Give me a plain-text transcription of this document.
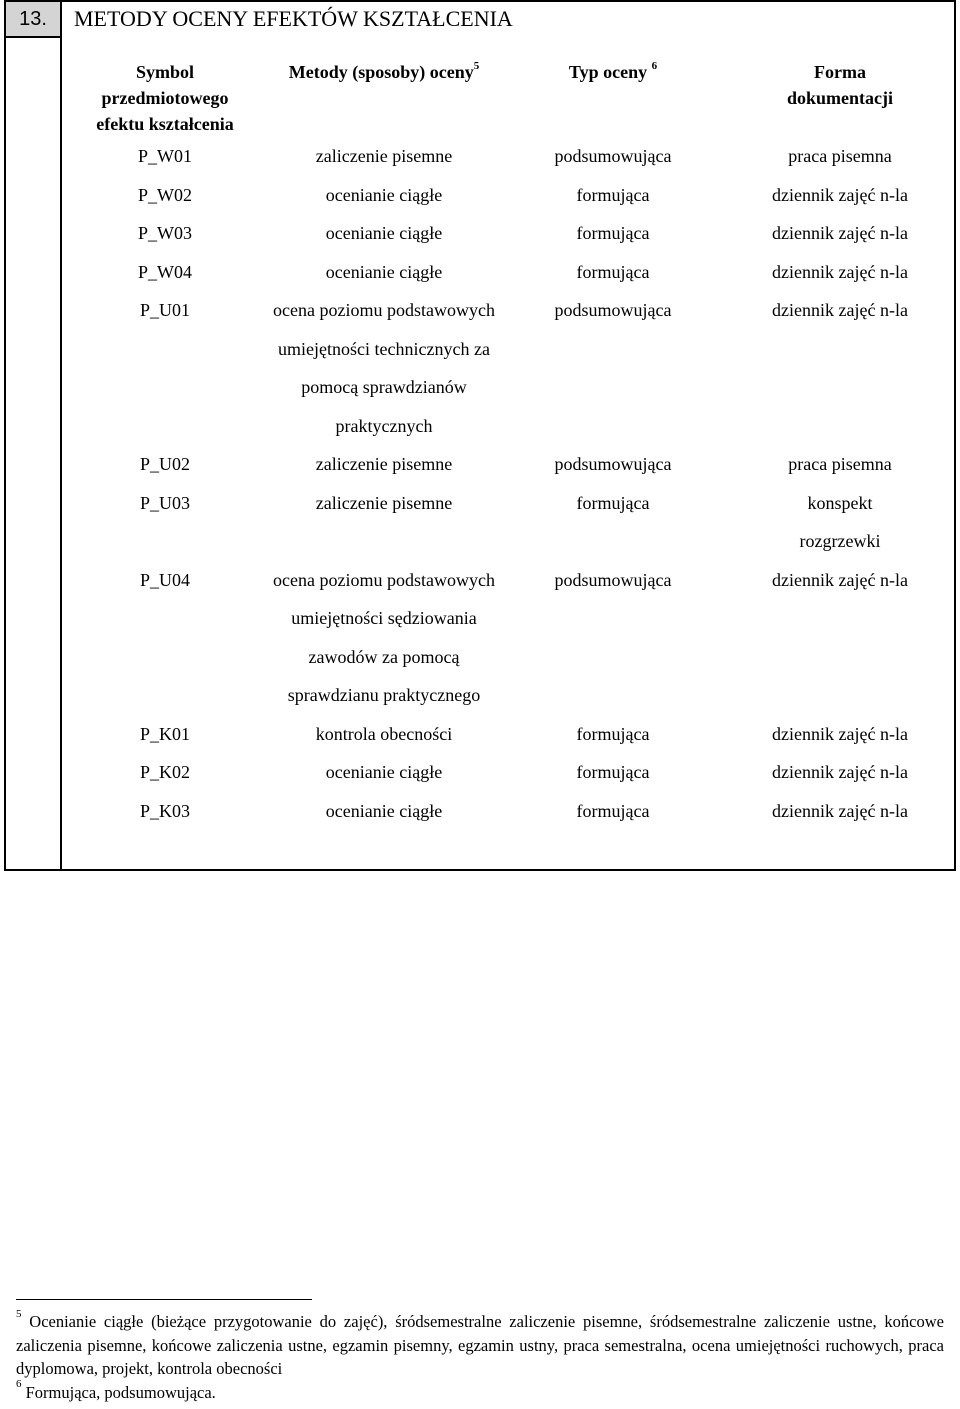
13.	METODY OCENY EFEKTÓW KSZTAŁCENIA
Symbol
przedmiotowego
efektu kształcenia	Metody (sposoby) oceny$^5$	Typ oceny $^6$	Forma
dokumentacji

P_W01	zaliczenie pisemne	podsumowująca	praca pisemna

P_W02	ocenianie ciągłe	formująca	dziennik zajęć n-la

P_W03	ocenianie ciągłe	formująca	dziennik zajęć n-la

P_W04	ocenianie ciągłe	formująca	dziennik zajęć n-la

P_U01	ocena poziomu podstawowych
umiejętności technicznych za
pomocą sprawdzianów
praktycznych	podsumowująca	dziennik zajęć n-la

P_U02	zaliczenie pisemne	podsumowująca	praca pisemna

P_U03	zaliczenie pisemne	formująca	konspekt
rozgrzewki

P_U04	ocena poziomu podstawowych
umiejętności sędziowania
zawodów za pomocą
sprawdzianu praktycznego	podsumowująca	dziennik zajęć n-la

P_K01	kontrola obecności	formująca	dziennik zajęć n-la

P_K02	ocenianie ciągłe	formująca	dziennik zajęć n-la

P_K03	ocenianie ciągłe	formująca	dziennik zajęć n-la

$^5$ Ocenianie ciągłe (bieżące przygotowanie do zajęć), śródsemestralne zaliczenie pisemne, śródsemestralne zaliczenie ustne, końcowe zaliczenia pisemne, końcowe zaliczenia ustne, egzamin pisemny, egzamin ustny, praca semestralna, ocena umiejętności ruchowych, praca dyplomowa, projekt, kontrola obecności

$^6$ Formująca, podsumowująca.
